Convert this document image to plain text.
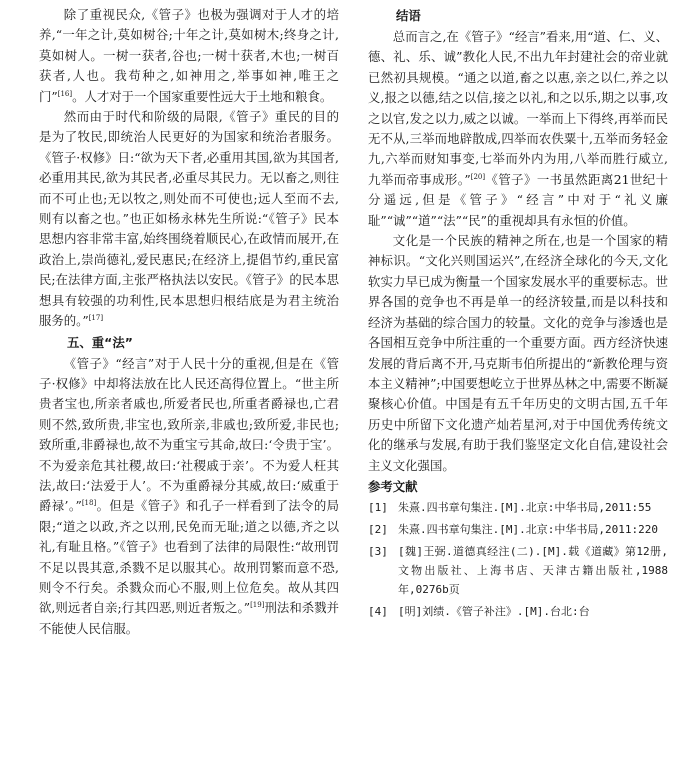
除了重视民众,《管子》也极为强调对于人才的培养,“一年之计,莫如树谷;十年之计,莫如树木;终身之计,莫如树人。一树一获者,谷也;一树十获者,木也;一树百获者,人也。我苟种之,如神用之,举事如神,唯王之门”[16]。人才对于一个国家重要性远大于土地和粮食。

然而由于时代和阶级的局限,《管子》重民的目的是为了牧民,即统治人民更好的为国家和统治者服务。《管子·权修》日:“欲为天下者,必重用其国,欲为其国者,必重用其民,欲为其民者,必重尽其民力。无以畜之,则往而不可止也;无以牧之,则处而不可使也;远人至而不去,则有以畜之也。”也正如杨永林先生所说:“《管子》民本思想内容非常丰富,始终围绕着顺民心,在政情而展开,在政治上,崇尚德礼,爱民惠民;在经济上,提倡节约,重民富民;在法律方面,主张严格执法以安民。《管子》的民本思想具有较强的功利性,民本思想归根结底是为君主统治服务的。”[17]

五、重“法”

《管子》“经言”对于人民十分的重视,但是在《管子·权修》中却将法放在比人民还高得位置上。“世主所贵者宝也,所亲者戚也,所爱者民也,所重者爵禄也,亡君则不然,致所贵,非宝也,致所亲,非戚也;致所爱,非民也;致所重,非爵禄也,故不为重宝亏其命,故曰:‘令贵于宝’。不为爱亲危其社稷,故曰:‘社稷戚于亲’。不为爱人枉其法,故曰:‘法爱于人’。不为重爵禄分其威,故曰:‘威重于爵禄’。”[18]。但是《管子》和孔子一样看到了法令的局限;“道之以政,齐之以刑,民免而无耻;道之以德,齐之以礼,有耻且格。”《管子》也看到了法律的局限性:“故刑罚不足以畏其意,杀戮不足以服其心。故刑罚繁而意不恐,则令不行矣。杀戮众而心不服,则上位危矣。故从其四欲,则远者自亲;行其四恶,则近者叛之。”[19]刑法和杀戮并不能使人民信服。

结语

总而言之,在《管子》“经言”看来,用“道、仁、义、德、礼、乐、诚”教化人民,不出九年封建社会的帝业就已然初具规模。“通之以道,畜之以惠,亲之以仁,养之以义,报之以德,结之以信,接之以礼,和之以乐,期之以事,攻之以官,发之以力,威之以诚。一举而上下得终,再举而民无不从,三举而地辟散成,四举而农佚粟十,五举而务轻金九,六举而财知事变,七举而外内为用,八举而胜行威立,九举而帝事成形。”[20]《管子》一书虽然距离21世纪十分遥远,但是《管子》“经言”中对于“礼义廉耻”“诚”“道”“法”“民”的重视却具有永恒的价值。

文化是一个民族的精神之所在,也是一个国家的精神标识。“文化兴则国运兴”,在经济全球化的今天,文化软实力早已成为衡量一个国家发展水平的重要标志。世界各国的竞争也不再是单一的经济较量,而是以科技和经济为基础的综合国力的较量。文化的竞争与渗透也是各国相互竞争中所注重的一个重要方面。西方经济快速发展的背后离不开,马克斯韦伯所提出的“新教伦理与资本主义精神”;中国要想屹立于世界丛林之中,需要不断凝聚核心价值。中国是有五千年历史的文明古国,五千年历史中所留下文化遗产灿若星河,对于中国优秀传统文化的继承与发展,有助于我们鉴坚定文化自信,建设社会主义文化强国。

参考文献
[1] 朱熹.四书章句集注.[M].北京:中华书局,2011:55
[2] 朱熹.四书章句集注.[M].北京:中华书局,2011:220
[3] [魏]王弼.道德真经注(二).[M].载《道藏》第12册,文物出版社、上海书店、天津古籍出版社,1988年,0276b页
[4] [明]刘绩.《管子补注》.[M].台北:台
